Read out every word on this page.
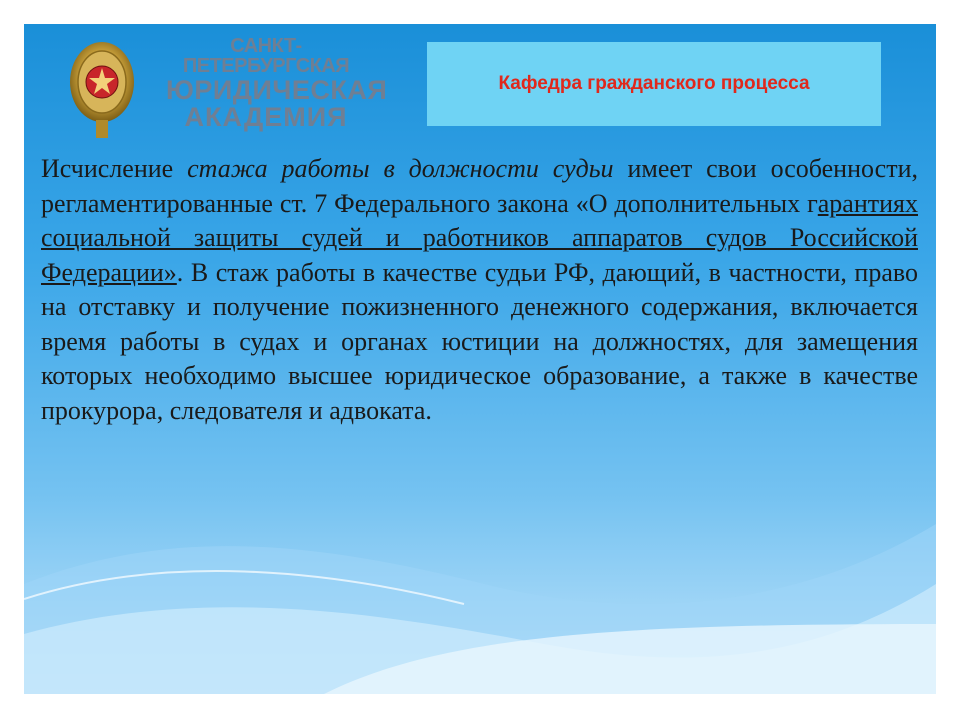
САНКТ-ПЕТЕРБУРГСКАЯ
ЮРИДИЧЕСКАЯ
АКАДЕМИЯ
Кафедра гражданского процесса

Исчисление стажа работы в должности судьи имеет свои особенности, регламентированные ст. 7 Федерального закона «О дополнительных гарантиях социальной защиты судей и работников аппаратов судов Российской Федерации». В стаж работы в качестве судьи РФ, дающий, в частности, право на отставку и получение пожизненного денежного содержания, включается время работы в судах и органах юстиции на должностях, для замещения которых необходимо высшее юридическое образование, а также в качестве прокурора, следователя и адвоката.
